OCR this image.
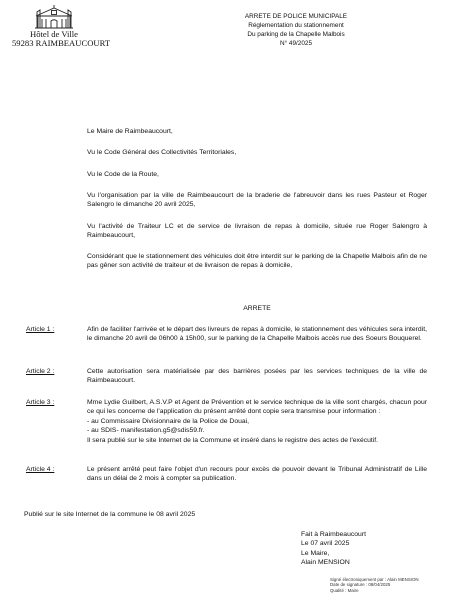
Hôtel de Ville
59283 RAIMBEAUCOURT
ARRETE DE POLICE MUNICIPALE
Réglementation du stationnement
Du parking de la Chapelle Malbois
N° 49/2025

Le Maire de Raimbeaucourt,

Vu le Code Général des Collectivités Territoriales,

Vu le Code de la Route,

Vu l'organisation par la ville de Raimbeaucourt de la braderie de l'abreuvoir dans les rues Pasteur et Roger Salengro le dimanche 20 avril 2025,

Vu l'activité de Traiteur LC et de service de livraison de repas à domicile, située rue Roger Salengro à Raimbeaucourt,

Considérant que le stationnement des véhicules doit être interdit sur le parking de la Chapelle Malbois afin de ne pas gêner son activité de traiteur et de livraison de repas à domicile,

ARRETE
Article 1 :	Afin de faciliter l'arrivée et le départ des livreurs de repas à domicile, le stationnement des véhicules sera interdit, le dimanche 20 avril de 06h00 à 15h00, sur le parking de la Chapelle Malbois accès rue des Soeurs Bouquerel.

Article 2 :	Cette autorisation sera matérialisée par des barrières posées par les services techniques de la ville de Raimbeaucourt.

Article 3 :	Mme Lydie Guilbert, A.S.V.P et Agent de Prévention et le service technique de la ville sont chargés, chacun pour ce qui les concerne de l'application du présent arrêté dont copie sera transmise pour information :

- au Commissaire Divisionnaire de la Police de Douai,

- au SDIS- manifestation.g5@sdis59.fr.

Il sera publié sur le site Internet de la Commune et inséré dans le registre des actes de l'exécutif.

Article 4 :	Le présent arrêté peut faire l'objet d'un recours pour excès de pouvoir devant le Tribunal Administratif de Lille dans un délai de 2 mois à compter sa publication.

Publié sur le site Internet de la commune le 08 avril 2025
Fait à Raimbeaucourt
Le 07 avril 2025
Le Maire,
Alain MENSION
Signé électroniquement par : Alain MENSION
Date de signature : 08/04/2025
Qualité : Maire
